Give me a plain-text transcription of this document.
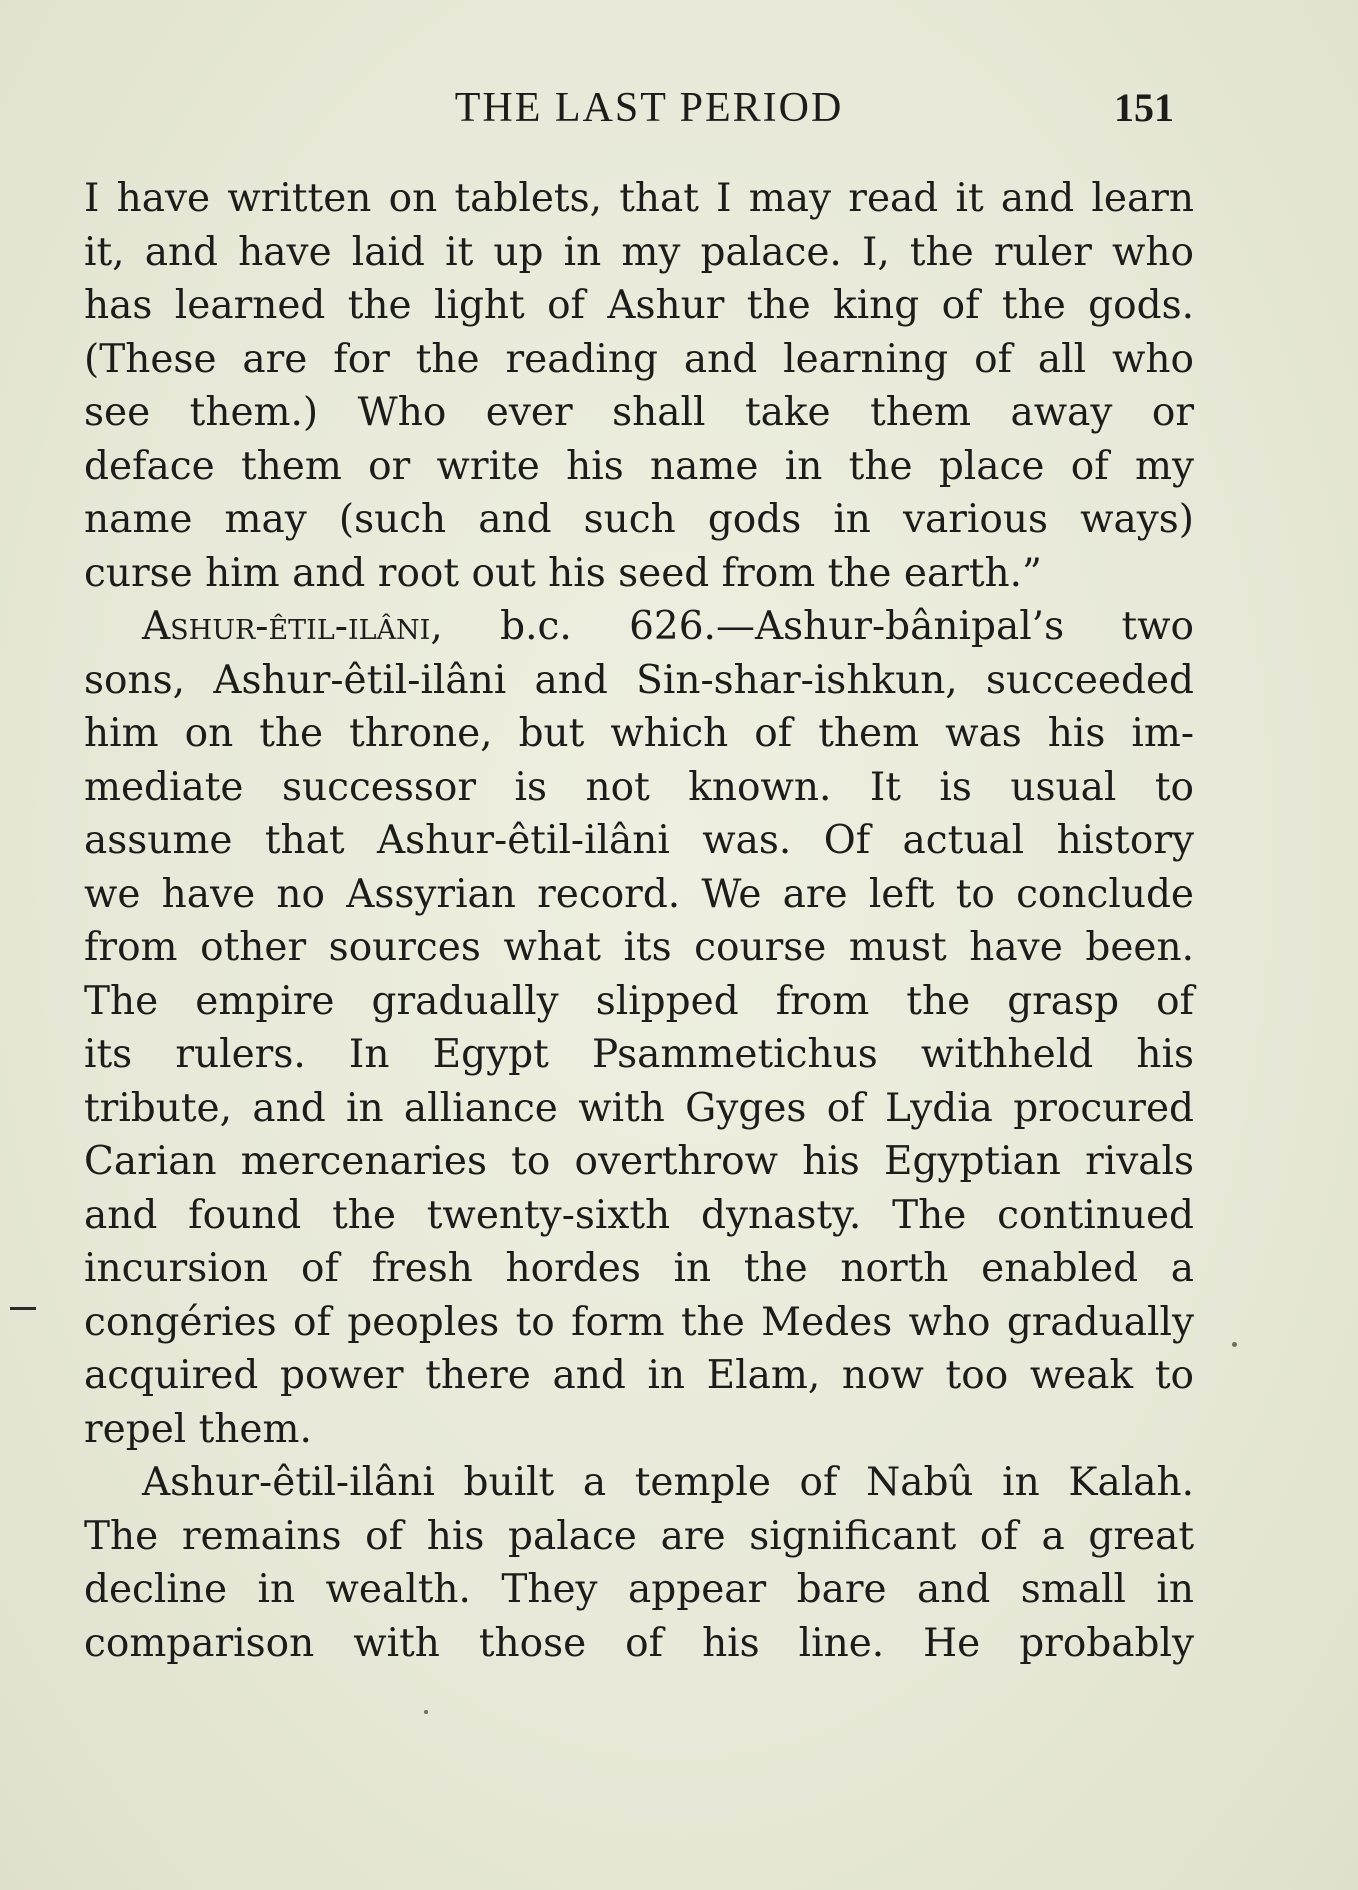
THE LAST PERIOD	151
I have written on tablets, that I may read it and learn
it, and have laid it up in my palace. I, the ruler who
has learned the light of Ashur the king of the gods.
(These are for the reading and learning of all who
see them.) Who ever shall take them away or
deface them or write his name in the place of my
name may (such and such gods in various ways)
curse him and root out his seed from the earth.”
Ashur-êtil-ilâni, b.c. 626.—Ashur-bânipal’s two
sons, Ashur-êtil-ilâni and Sin-shar-ishkun, succeeded
him on the throne, but which of them was his im-
mediate successor is not known. It is usual to
assume that Ashur-êtil-ilâni was. Of actual history
we have no Assyrian record. We are left to conclude
from other sources what its course must have been.
The empire gradually slipped from the grasp of
its rulers. In Egypt Psammetichus withheld his
tribute, and in alliance with Gyges of Lydia procured
Carian mercenaries to overthrow his Egyptian rivals
and found the twenty-sixth dynasty. The continued
incursion of fresh hordes in the north enabled a
congéries of peoples to form the Medes who gradually
acquired power there and in Elam, now too weak to
repel them.
Ashur-êtil-ilâni built a temple of Nabû in Kalah.
The remains of his palace are significant of a great
decline in wealth. They appear bare and small in
comparison with those of his line. He probably
